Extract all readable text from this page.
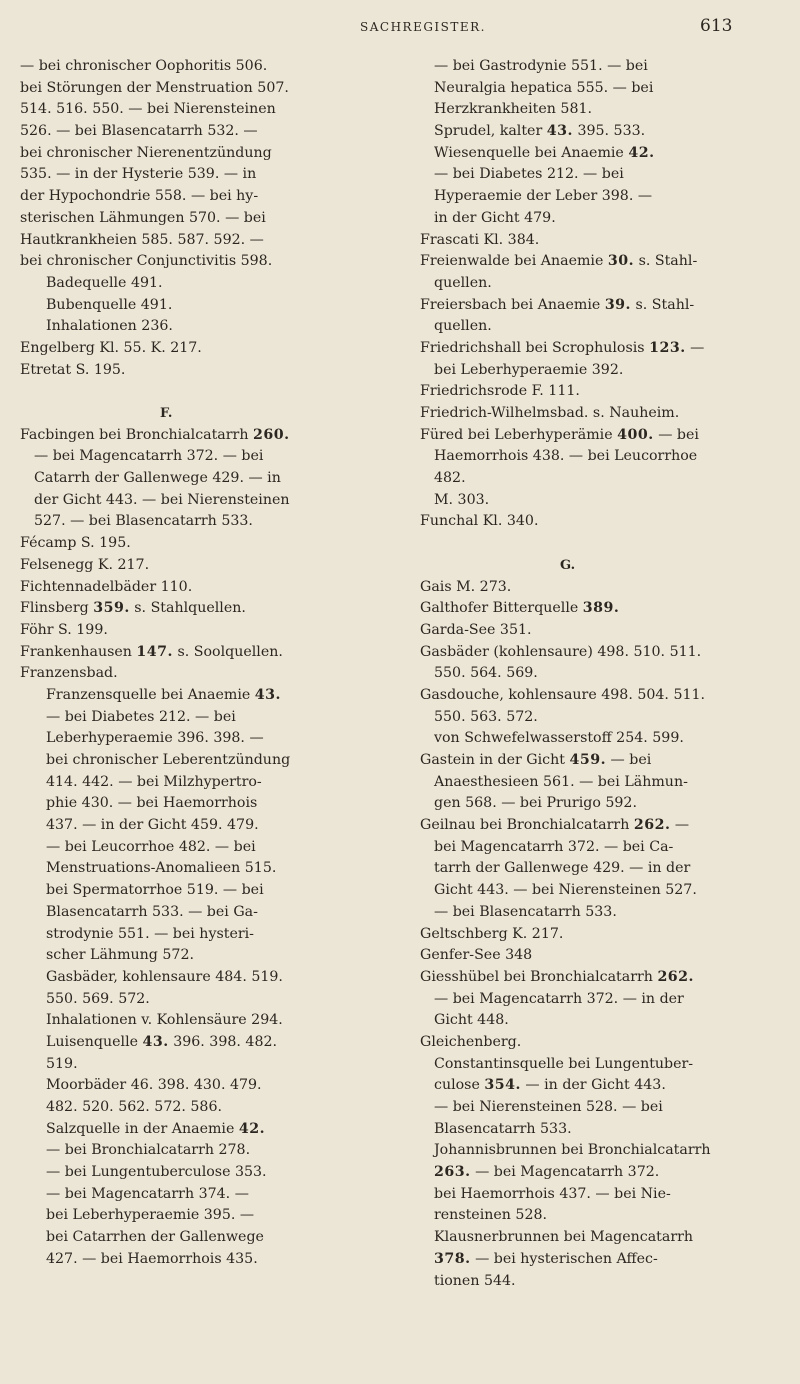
SACHREGISTER.	613
— bei chronischer Oophoritis 506.
bei Störungen der Menstruation 507.
514. 516. 550. — bei Nierensteinen
526. — bei Blasencatarrh 532. —
bei chronischer Nierenentzündung
535. — in der Hysterie 539. — in
der Hypochondrie 558. — bei hy-
sterischen Lähmungen 570. — bei
Hautkrankheien 585. 587. 592. —
bei chronischer Conjunctivitis 598.
Badequelle 491.
Bubenquelle 491.
Inhalationen 236.
Engelberg Kl. 55. K. 217.
Etretat S. 195.
F.
Facbingen bei Bronchialcatarrh 260.
— bei Magencatarrh 372. — bei
Catarrh der Gallenwege 429. — in
der Gicht 443. — bei Nierensteinen
527. — bei Blasencatarrh 533.
Fécamp S. 195.
Felsenegg K. 217.
Fichtennadelbäder 110.
Flinsberg 359. s. Stahlquellen.
Föhr S. 199.
Frankenhausen 147. s. Soolquellen.
Franzensbad.
Franzensquelle bei Anaemie 43.
— bei Diabetes 212. — bei
Leberhyperaemie 396. 398. —
bei chronischer Leberentzündung
414. 442. — bei Milzhypertro-
phie 430. — bei Haemorrhois
437. — in der Gicht 459. 479.
— bei Leucorrhoe 482. — bei
Menstruations-Anomalieen 515.
bei Spermatorrhoe 519. — bei
Blasencatarrh 533. — bei Ga-
strodynie 551. — bei hysteri-
scher Lähmung 572.
Gasbäder, kohlensaure 484. 519.
550. 569. 572.
Inhalationen v. Kohlensäure 294.
Luisenquelle 43. 396. 398. 482.
519.
Moorbäder 46. 398. 430. 479.
482. 520. 562. 572. 586.
Salzquelle in der Anaemie 42.
— bei Bronchialcatarrh 278.
— bei Lungentuberculose 353.
— bei Magencatarrh 374. —
bei Leberhyperaemie 395. —
bei Catarrhen der Gallenwege
427. — bei Haemorrhois 435.
— bei Gastrodynie 551. — bei
Neuralgia hepatica 555. — bei
Herzkrankheiten 581.
Sprudel, kalter 43. 395. 533.
Wiesenquelle bei Anaemie 42.
— bei Diabetes 212. — bei
Hyperaemie der Leber 398. —
in der Gicht 479.
Frascati Kl. 384.
Freienwalde bei Anaemie 30. s. Stahl-
quellen.
Freiersbach bei Anaemie 39. s. Stahl-
quellen.
Friedrichshall bei Scrophulosis 123. —
bei Leberhyperaemie 392.
Friedrichsrode F. 111.
Friedrich-Wilhelmsbad. s. Nauheim.
Füred bei Leberhyperämie 400. — bei
Haemorrhois 438. — bei Leucorrhoe
482.
M. 303.
Funchal Kl. 340.
G.
Gais M. 273.
Galthofer Bitterquelle 389.
Garda-See 351.
Gasbäder (kohlensaure) 498. 510. 511.
550. 564. 569.
Gasdouche, kohlensaure 498. 504. 511.
550. 563. 572.
von Schwefelwasserstoff 254. 599.
Gastein in der Gicht 459. — bei
Anaesthesieen 561. — bei Lähmun-
gen 568. — bei Prurigo 592.
Geilnau bei Bronchialcatarrh 262. —
bei Magencatarrh 372. — bei Ca-
tarrh der Gallenwege 429. — in der
Gicht 443. — bei Nierensteinen 527.
— bei Blasencatarrh 533.
Geltschberg K. 217.
Genfer-See 348
Giesshübel bei Bronchialcatarrh 262.
— bei Magencatarrh 372. — in der
Gicht 448.
Gleichenberg.
Constantinsquelle bei Lungentuber-
culose 354. — in der Gicht 443.
— bei Nierensteinen 528. — bei
Blasencatarrh 533.
Johannisbrunnen bei Bronchialcatarrh
263. — bei Magencatarrh 372.
bei Haemorrhois 437. — bei Nie-
rensteinen 528.
Klausnerbrunnen bei Magencatarrh
378. — bei hysterischen Affec-
tionen 544.
